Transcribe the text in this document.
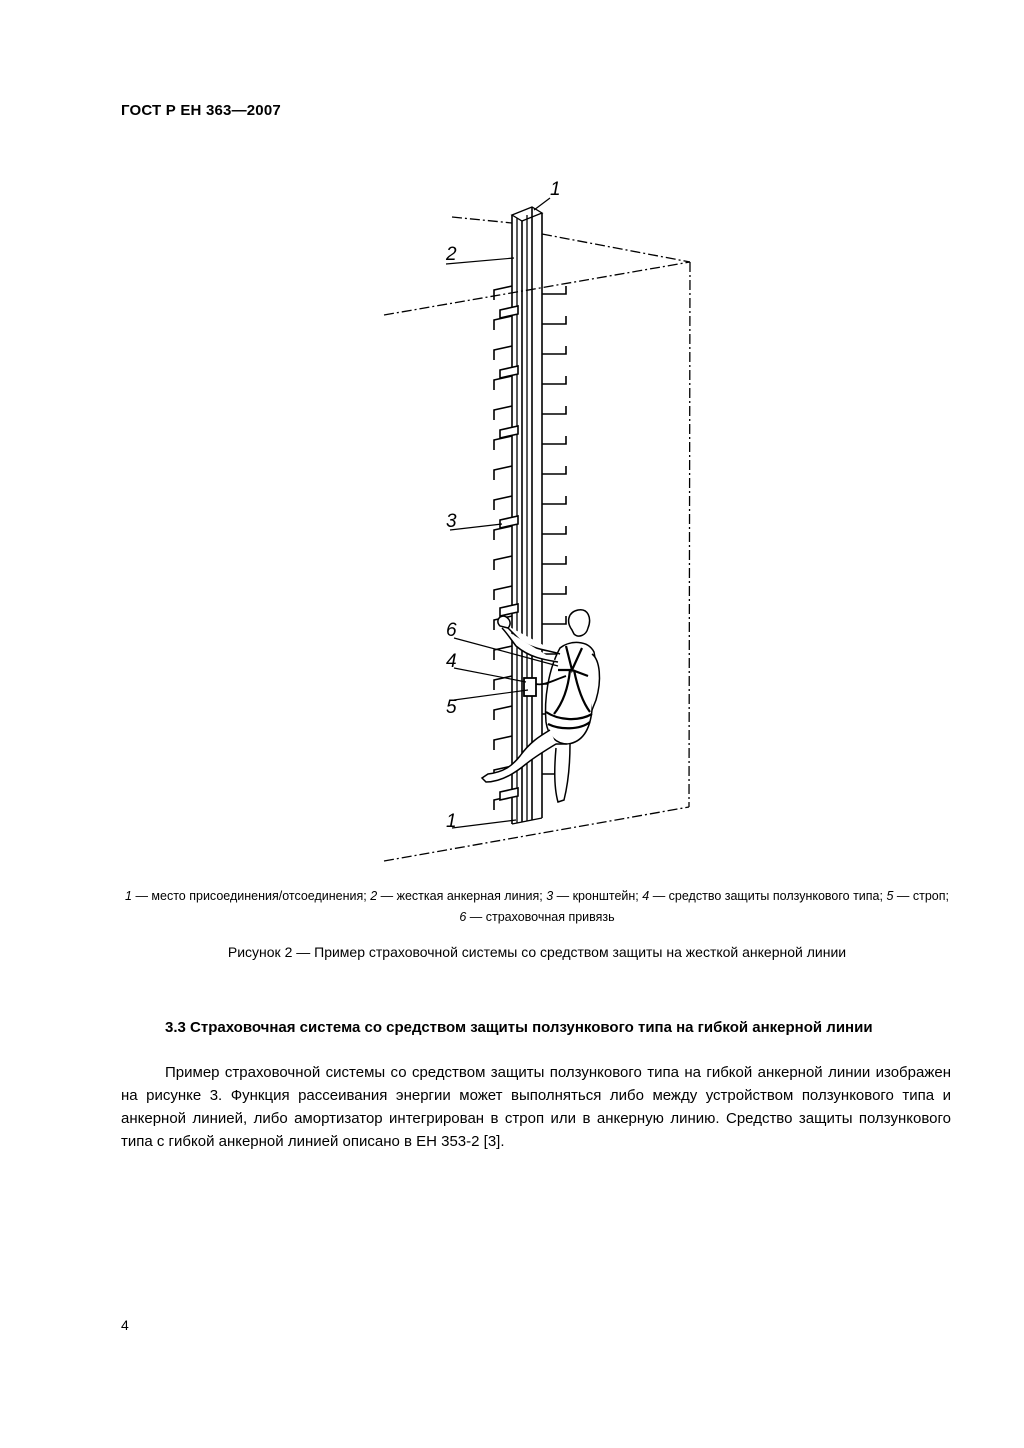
ГОСТ Р ЕН 363—2007
1
2
3
6
4
5
1
1 — место присоединения/отсоединения; 2 — жесткая анкерная линия; 3 — кронштейн; 4 — средство защиты ползункового типа; 5 — строп; 6 — страховочная привязь
Рисунок 2 — Пример страховочной системы со средством защиты на жесткой анкерной линии
3.3 Страховочная система со средством защиты ползункового типа на гибкой анкерной линии
Пример страховочной системы со средством защиты ползункового типа на гибкой анкерной линии изображен на рисунке 3. Функция рассеивания энергии может выполняться либо между устройством ползункового типа и анкерной линией, либо амортизатор интегрирован в строп или в анкерную линию. Средство защиты ползункового типа с гибкой анкерной линией описано в ЕН 353-2 [3].
4
